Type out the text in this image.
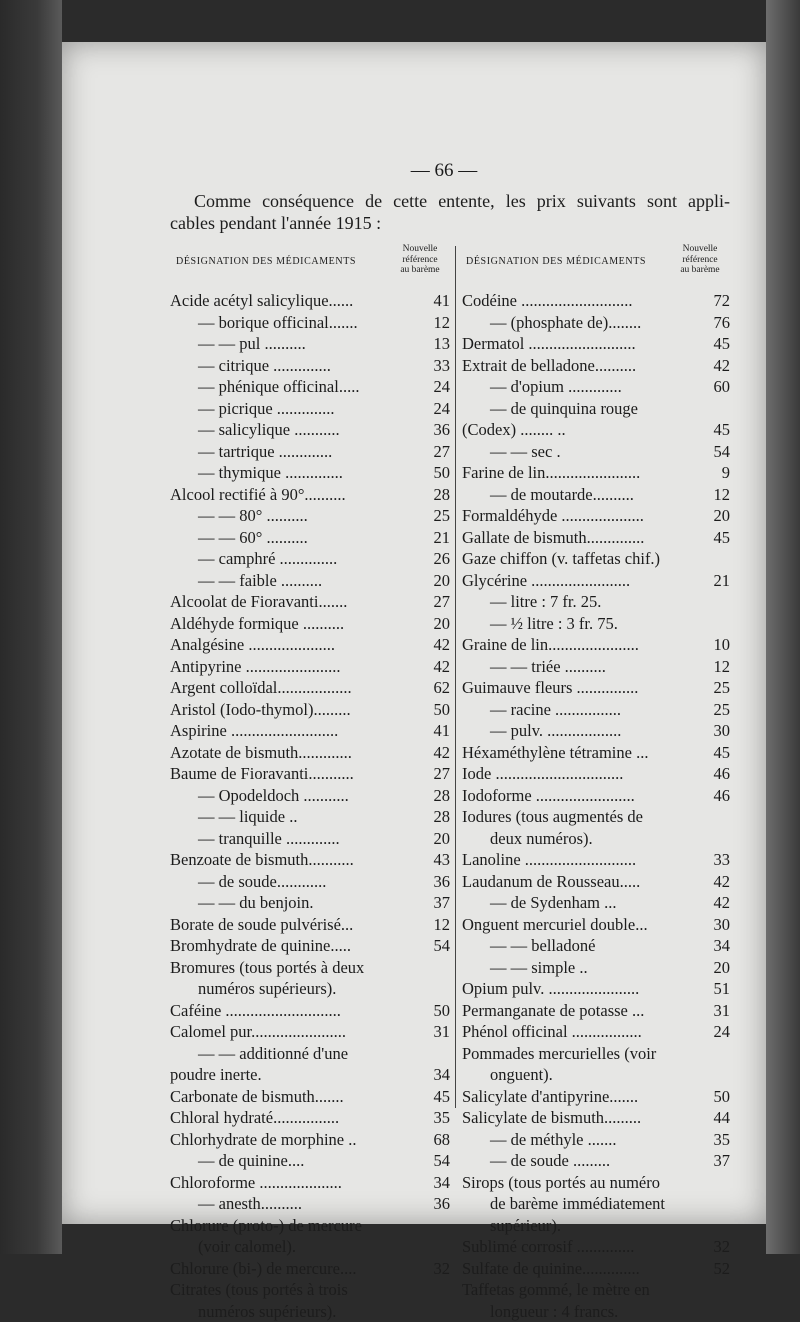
— 66 —
Comme conséquence de cette entente, les prix suivants sont appli-
cables pendant l'année 1915 :
DÉSIGNATION DES MÉDICAMENTS
Nouvelle
référence
au barème
Acide acétyl salicylique......	41
— borique officinal.......	12
— — pul ..........	13
— citrique ..............	33
— phénique officinal.....	24
— picrique ..............	24
— salicylique ...........	36
— tartrique .............	27
— thymique ..............	50
Alcool rectifié à 90°..........	28
— — 80° ..........	25
— — 60° ..........	21
— camphré ..............	26
— — faible ..........	20
Alcoolat de Fioravanti.......	27
Aldéhyde formique ..........	20
Analgésine .....................	42
Antipyrine .......................	42
Argent colloïdal..................	62
Aristol (Iodo-thymol).........	50
Aspirine ..........................	41
Azotate de bismuth.............	42
Baume de Fioravanti...........	27
— Opodeldoch ...........	28
— — liquide ..	28
— tranquille .............	20
Benzoate de bismuth...........	43
— de soude............	36
— — du benjoin.	37
Borate de soude pulvérisé...	12
Bromhydrate de quinine.....	54
Bromures (tous portés à deux
numéros supérieurs).
Caféine ............................	50
Calomel pur.......................	31
— — additionné d'une
poudre inerte.	34
Carbonate de bismuth.......	45
Chloral hydraté................	35
Chlorhydrate de morphine ..	68
— de quinine....	54
Chloroforme ....................	34
— anesth..........	36
Chlorure (proto-) de mercure
(voir calomel).
Chlorure (bi-) de mercure....	32
Citrates (tous portés à trois
numéros supérieurs).
DÉSIGNATION DES MÉDICAMENTS
Nouvelle
référence
au barème
Codéine ...........................	72
— (phosphate de)........	76
Dermatol ..........................	45
Extrait de belladone..........	42
— d'opium .............	60
— de quinquina rouge
(Codex) ........ ..	45
— — sec .	54
Farine de lin.......................	9
— de moutarde..........	12
Formaldéhyde ....................	20
Gallate de bismuth..............	45
Gaze chiffon (v. taffetas chif.)
Glycérine ........................	21
— litre : 7 fr. 25.
— ½ litre : 3 fr. 75.
Graine de lin......................	10
— — triée ..........	12
Guimauve fleurs ...............	25
— racine ................	25
— pulv. ..................	30
Héxaméthylène tétramine ...	45
Iode ...............................	46
Iodoforme ........................	46
Iodures (tous augmentés de
deux numéros).
Lanoline ...........................	33
Laudanum de Rousseau.....	42
— de Sydenham ...	42
Onguent mercuriel double...	30
— — belladoné	34
— — simple ..	20
Opium pulv. ......................	51
Permanganate de potasse ...	31
Phénol officinal .................	24
Pommades mercurielles (voir
onguent).
Salicylate d'antipyrine.......	50
Salicylate de bismuth.........	44
— de méthyle .......	35
— de soude .........	37
Sirops (tous portés au numéro
de barème immédiatement
supérieur).
Sublimé corrosif ..............	32
Sulfate de quinine..............	52
Taffetas gommé, le mètre en
longueur : 4 francs.
